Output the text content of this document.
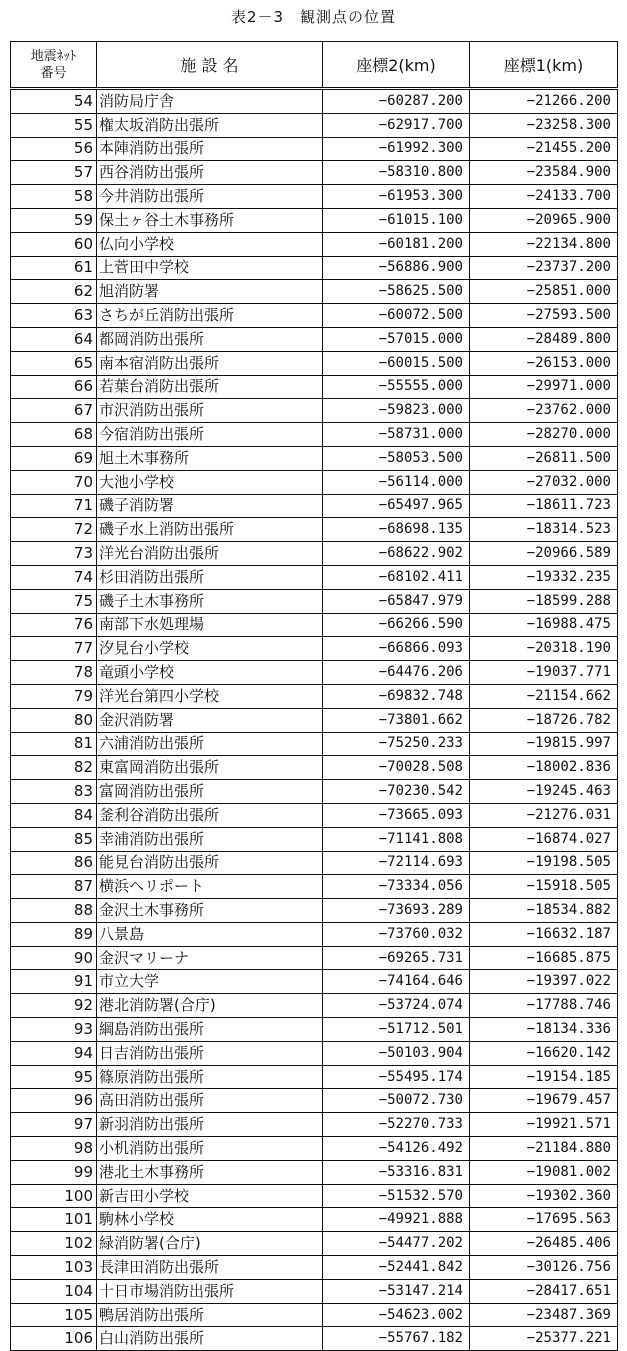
表2－3　観測点の位置
地震ﾈｯﾄ
番号	施 設 名	座標2(km)	座標1(km)
54	消防局庁舎	−60287.200	−21266.200
55	権太坂消防出張所	−62917.700	−23258.300
56	本陣消防出張所	−61992.300	−21455.200
57	西谷消防出張所	−58310.800	−23584.900
58	今井消防出張所	−61953.300	−24133.700
59	保土ヶ谷土木事務所	−61015.100	−20965.900
60	仏向小学校	−60181.200	−22134.800
61	上菅田中学校	−56886.900	−23737.200
62	旭消防署	−58625.500	−25851.000
63	さちが丘消防出張所	−60072.500	−27593.500
64	都岡消防出張所	−57015.000	−28489.800
65	南本宿消防出張所	−60015.500	−26153.000
66	若葉台消防出張所	−55555.000	−29971.000
67	市沢消防出張所	−59823.000	−23762.000
68	今宿消防出張所	−58731.000	−28270.000
69	旭土木事務所	−58053.500	−26811.500
70	大池小学校	−56114.000	−27032.000
71	磯子消防署	−65497.965	−18611.723
72	磯子水上消防出張所	−68698.135	−18314.523
73	洋光台消防出張所	−68622.902	−20966.589
74	杉田消防出張所	−68102.411	−19332.235
75	磯子土木事務所	−65847.979	−18599.288
76	南部下水処理場	−66266.590	−16988.475
77	汐見台小学校	−66866.093	−20318.190
78	竜頭小学校	−64476.206	−19037.771
79	洋光台第四小学校	−69832.748	−21154.662
80	金沢消防署	−73801.662	−18726.782
81	六浦消防出張所	−75250.233	−19815.997
82	東富岡消防出張所	−70028.508	−18002.836
83	富岡消防出張所	−70230.542	−19245.463
84	釜利谷消防出張所	−73665.093	−21276.031
85	幸浦消防出張所	−71141.808	−16874.027
86	能見台消防出張所	−72114.693	−19198.505
87	横浜ヘリポート	−73334.056	−15918.505
88	金沢土木事務所	−73693.289	−18534.882
89	八景島	−73760.032	−16632.187
90	金沢マリーナ	−69265.731	−16685.875
91	市立大学	−74164.646	−19397.022
92	港北消防署(合庁)	−53724.074	−17788.746
93	綱島消防出張所	−51712.501	−18134.336
94	日吉消防出張所	−50103.904	−16620.142
95	篠原消防出張所	−55495.174	−19154.185
96	高田消防出張所	−50072.730	−19679.457
97	新羽消防出張所	−52270.733	−19921.571
98	小机消防出張所	−54126.492	−21184.880
99	港北土木事務所	−53316.831	−19081.002
100	新吉田小学校	−51532.570	−19302.360
101	駒林小学校	−49921.888	−17695.563
102	緑消防署(合庁)	−54477.202	−26485.406
103	長津田消防出張所	−52441.842	−30126.756
104	十日市場消防出張所	−53147.214	−28417.651
105	鴨居消防出張所	−54623.002	−23487.369
106	白山消防出張所	−55767.182	−25377.221
